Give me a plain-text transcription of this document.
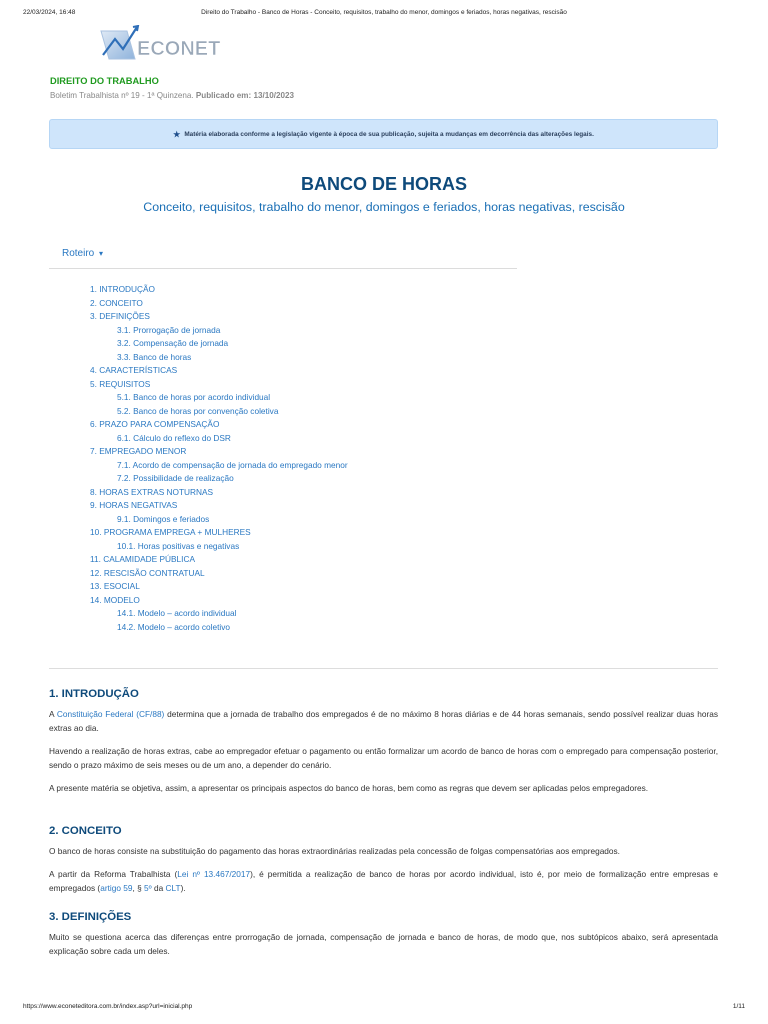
22/03/2024, 16:48	Direito do Trabalho - Banco de Horas - Conceito, requisitos, trabalho do menor, domingos e feriados, horas negativas, rescisão
ECONET
DIREITO DO TRABALHO
Boletim Trabalhista nº 19 - 1ª Quinzena. Publicado em: 13/10/2023
★ Matéria elaborada conforme a legislação vigente à época de sua publicação, sujeita a mudanças em decorrência das alterações legais.
BANCO DE HORAS
Conceito, requisitos, trabalho do menor, domingos e feriados, horas negativas, rescisão
Roteiro ▾
1. INTRODUÇÃO
2. CONCEITO
3. DEFINIÇÕES
3.1. Prorrogação de jornada
3.2. Compensação de jornada
3.3. Banco de horas
4. CARACTERÍSTICAS
5. REQUISITOS
5.1. Banco de horas por acordo individual
5.2. Banco de horas por convenção coletiva
6. PRAZO PARA COMPENSAÇÃO
6.1. Cálculo do reflexo do DSR
7. EMPREGADO MENOR
7.1. Acordo de compensação de jornada do empregado menor
7.2. Possibilidade de realização
8. HORAS EXTRAS NOTURNAS
9. HORAS NEGATIVAS
9.1. Domingos e feriados
10. PROGRAMA EMPREGA + MULHERES
10.1. Horas positivas e negativas
11. CALAMIDADE PÚBLICA
12. RESCISÃO CONTRATUAL
13. ESOCIAL
14. MODELO
14.1. Modelo – acordo individual
14.2. Modelo – acordo coletivo
1. INTRODUÇÃO
A Constituição Federal (CF/88) determina que a jornada de trabalho dos empregados é de no máximo 8 horas diárias e de 44 horas semanais, sendo possível realizar duas horas extras ao dia.
Havendo a realização de horas extras, cabe ao empregador efetuar o pagamento ou então formalizar um acordo de banco de horas com o empregado para compensação posterior, sendo o prazo máximo de seis meses ou de um ano, a depender do cenário.
A presente matéria se objetiva, assim, a apresentar os principais aspectos do banco de horas, bem como as regras que devem ser aplicadas pelos empregadores.
2. CONCEITO
O banco de horas consiste na substituição do pagamento das horas extraordinárias realizadas pela concessão de folgas compensatórias aos empregados.
A partir da Reforma Trabalhista (Lei nº 13.467/2017), é permitida a realização de banco de horas por acordo individual, isto é, por meio de formalização entre empresas e empregados (artigo 59, § 5º da CLT).
3. DEFINIÇÕES
Muito se questiona acerca das diferenças entre prorrogação de jornada, compensação de jornada e banco de horas, de modo que, nos subtópicos abaixo, será apresentada explicação sobre cada um deles.
https://www.econeteditora.com.br/index.asp?url=inicial.php	1/11
